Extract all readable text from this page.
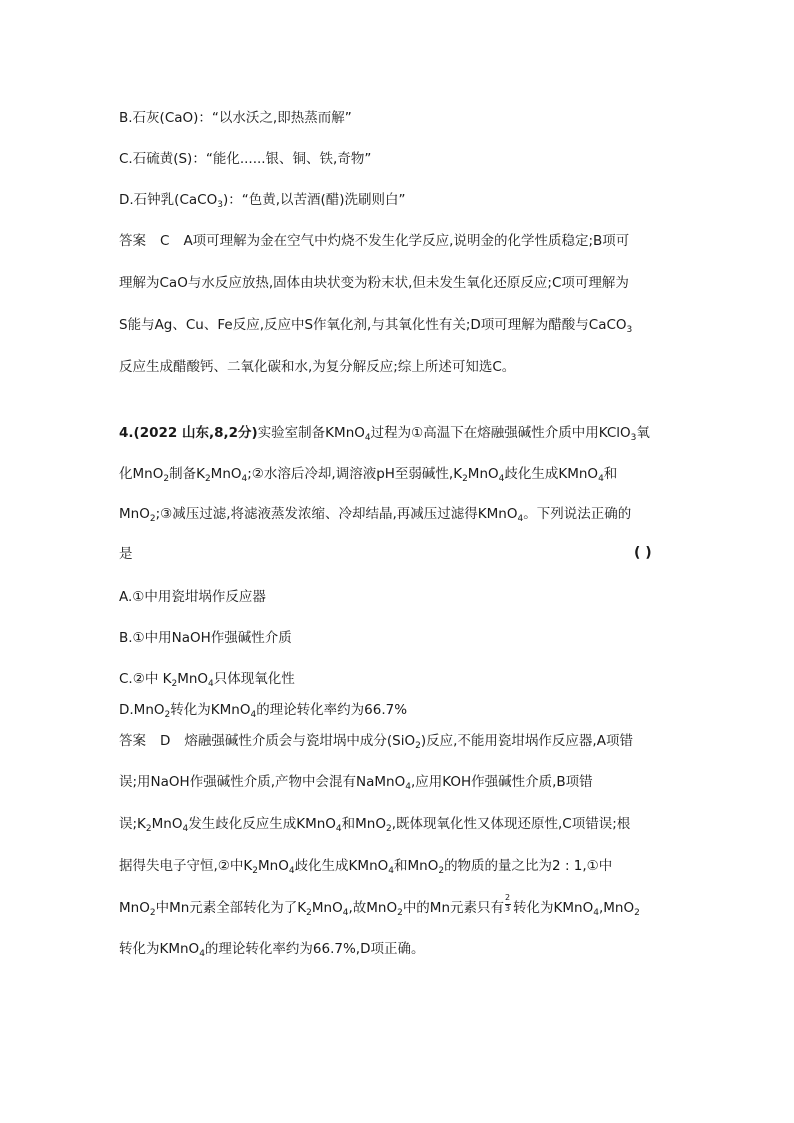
B.石灰(CaO)：“以水沃之,即热蒸而解”
C.石硫黄(S)：“能化......银、铜、铁,奇物”
D.石钟乳(CaCO$_3$)：“色黄,以苦酒(醋)洗刷则白”
答案 C A项可理解为金在空气中灼烧不发生化学反应,说明金的化学性质稳定;B项可
理解为CaO与水反应放热,固体由块状变为粉末状,但未发生氧化还原反应;C项可理解为
S能与Ag、Cu、Fe反应,反应中S作氧化剂,与其氧化性有关;D项可理解为醋酸与CaCO$_3$
反应生成醋酸钙、二氧化碳和水,为复分解反应;综上所述可知选C。
4.(2022 山东,8,2分)实验室制备KMnO$_4$过程为①高温下在熔融强碱性介质中用KClO$_3$氧
化MnO$_2$制备$K_2MnO_4;②$水溶后冷却,调溶液pH至弱碱性$,K_2MnO_4$歧化生成KMnO$_4$和
MnO$_2$;③减压过滤,将滤液蒸发浓缩、冷却结晶,再减压过滤得KMnO$_4$。下列说法正确的
是	( )
A.①中用瓷坩埚作反应器
B.①中用NaOH作强碱性介质
C.②中 $K_2MnO_4$只体现氧化性
D.MnO$_2$转化为KMnO$_4$的理论转化率约为66.7%
答案 D 熔融强碱性介质会与瓷坩埚中成分(SiO$_2$)反应,不能用瓷坩埚作反应器,A项错
误;用NaOH作强碱性介质,产物中会混有NaMnO$_4$,应用KOH作强碱性介质,B项错
误$;K_2MnO_4$发生歧化反应生成KMnO$_4$和MnO$_2$,既体现氧化性又体现还原性,C项错误;根
据得失电子守恒,②中$K_2MnO_4$歧化生成KMnO$_4$和MnO$_2$的物质的量之比为2 : 1,①中
MnO$_2$中Mn元素全部转化为了$K_2MnO_4$,故MnO$_2$中的Mn元素只有 $\frac{2}{3}$ 转化为KMnO$_4$,MnO$_2$
转化为KMnO$_4$的理论转化率约为66.7%,D项正确。
